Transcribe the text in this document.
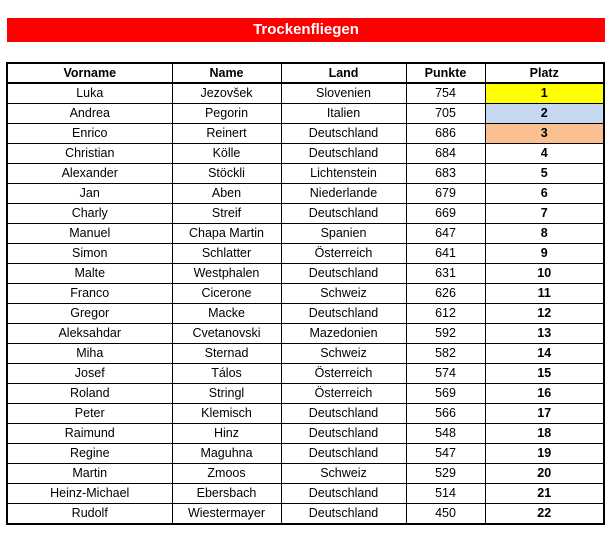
Trockenfliegen
Vorname	Name	Land	Punkte	Platz
Luka	Jezovšek	Slovenien	754	1
Andrea	Pegorin	Italien	705	2
Enrico	Reinert	Deutschland	686	3
Christian	Kölle	Deutschland	684	4
Alexander	Stöckli	Lichtenstein	683	5
Jan	Aben	Niederlande	679	6
Charly	Streif	Deutschland	669	7
Manuel	Chapa Martin	Spanien	647	8
Simon	Schlatter	Österreich	641	9
Malte	Westphalen	Deutschland	631	10
Franco	Cicerone	Schweiz	626	11
Gregor	Macke	Deutschland	612	12
Aleksahdar	Cvetanovski	Mazedonien	592	13
Miha	Sternad	Schweiz	582	14
Josef	Tálos	Österreich	574	15
Roland	Stringl	Österreich	569	16
Peter	Klemisch	Deutschland	566	17
Raimund	Hinz	Deutschland	548	18
Regine	Maguhna	Deutschland	547	19
Martin	Zmoos	Schweiz	529	20
Heinz-Michael	Ebersbach	Deutschland	514	21
Rudolf	Wiestermayer	Deutschland	450	22
